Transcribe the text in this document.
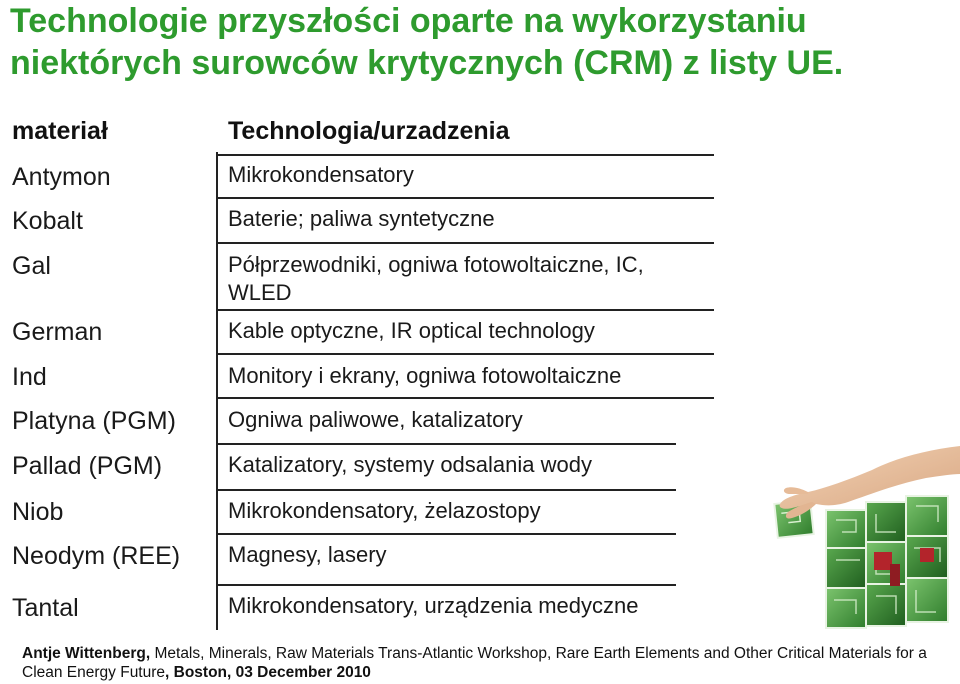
Technologie przyszłości oparte na wykorzystaniu niektórych surowców krytycznych (CRM) z listy UE.
materiał	Technologia/urzadzenia
Antymon
Kobalt
Gal
German
Ind
Platyna (PGM)
Pallad (PGM)
Niob
Neodym (REE)
Tantal
Mikrokondensatory
Baterie; paliwa syntetyczne
Półprzewodniki, ogniwa fotowoltaiczne, IC,
WLED
Kable optyczne, IR optical technology
Monitory i ekrany, ogniwa fotowoltaiczne
Ogniwa paliwowe, katalizatory
Katalizatory, systemy odsalania wody
Mikrokondensatory, żelazostopy
Magnesy, lasery
Mikrokondensatory, urządzenia medyczne
Antje Wittenberg, Metals, Minerals, Raw Materials Trans-Atlantic Workshop, Rare Earth Elements and Other Critical Materials for a Clean Energy Future, Boston, 03 December 2010
